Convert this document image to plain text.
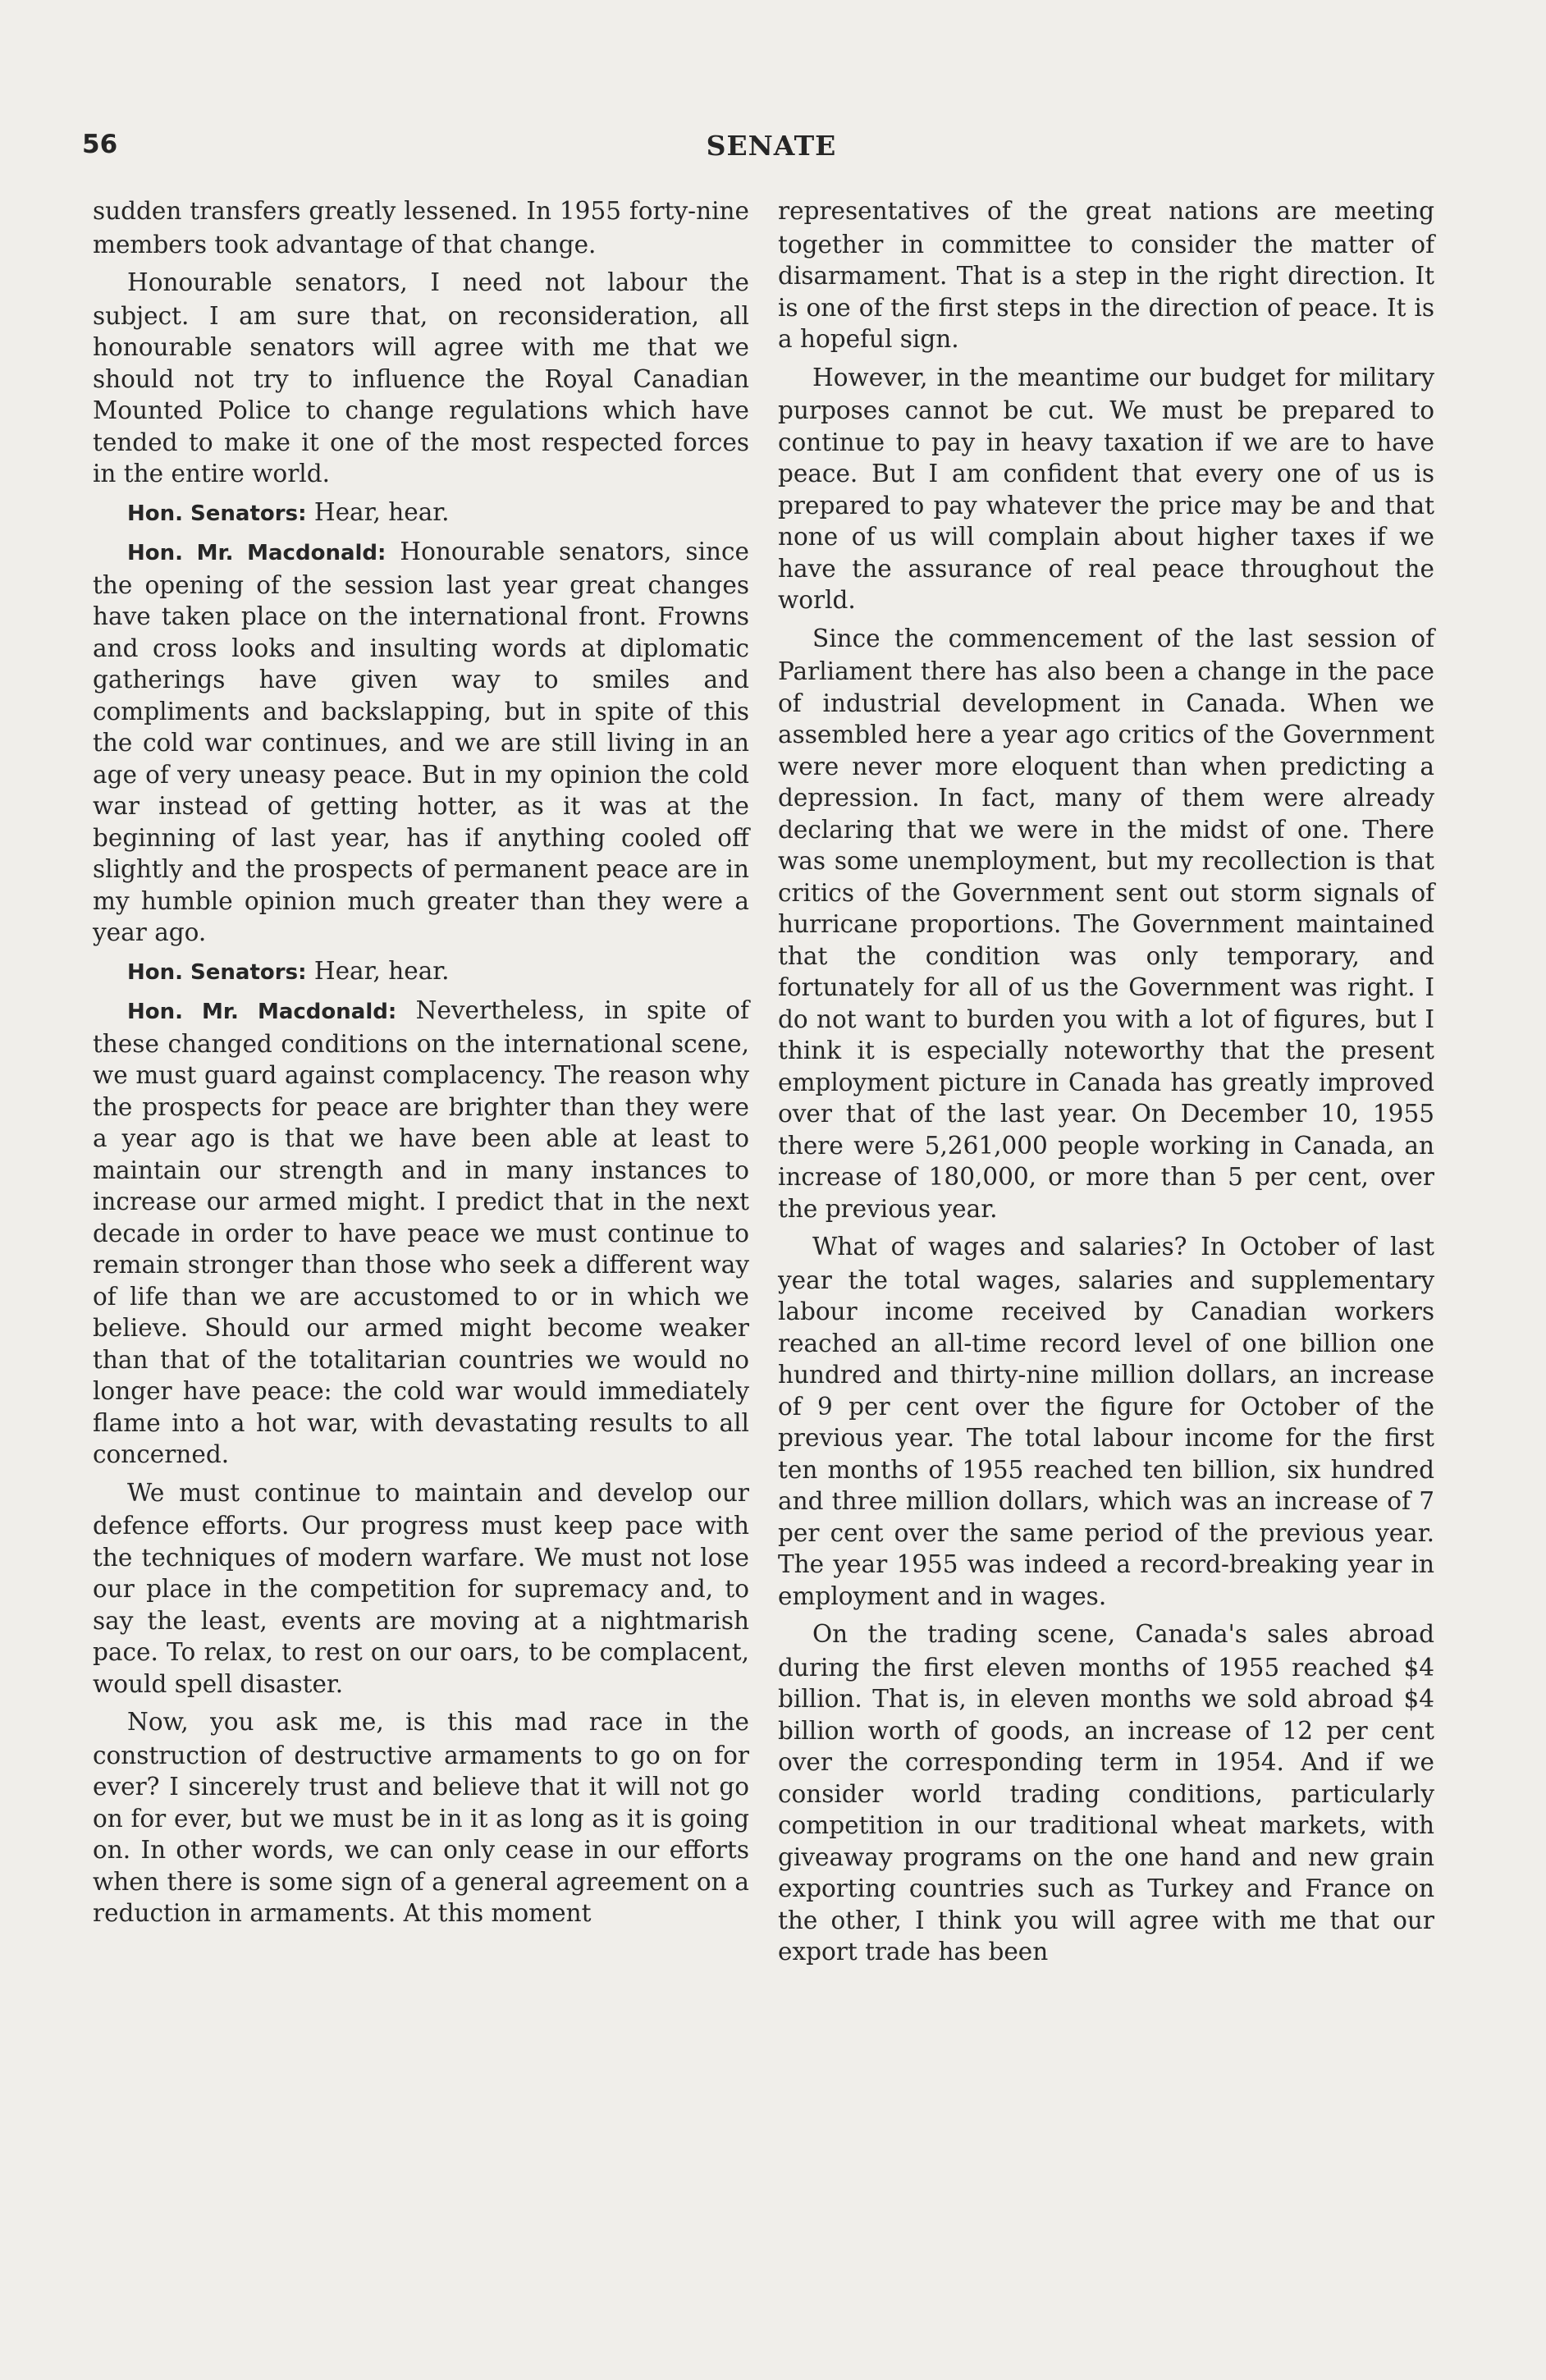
56	SENATE

sudden transfers greatly lessened. In 1955 forty-nine members took advantage of that change.

Honourable senators, I need not labour the subject. I am sure that, on reconsideration, all honourable senators will agree with me that we should not try to influence the Royal Canadian Mounted Police to change regulations which have tended to make it one of the most respected forces in the entire world.

Hon. Senators: Hear, hear.

Hon. Mr. Macdonald: Honourable senators, since the opening of the session last year great changes have taken place on the international front. Frowns and cross looks and insulting words at diplomatic gatherings have given way to smiles and compliments and backslapping, but in spite of this the cold war continues, and we are still living in an age of very uneasy peace. But in my opinion the cold war instead of getting hotter, as it was at the beginning of last year, has if anything cooled off slightly and the prospects of permanent peace are in my humble opinion much greater than they were a year ago.

Hon. Senators: Hear, hear.

Hon. Mr. Macdonald: Nevertheless, in spite of these changed conditions on the international scene, we must guard against complacency. The reason why the prospects for peace are brighter than they were a year ago is that we have been able at least to maintain our strength and in many instances to increase our armed might. I predict that in the next decade in order to have peace we must continue to remain stronger than those who seek a different way of life than we are accustomed to or in which we believe. Should our armed might become weaker than that of the totalitarian countries we would no longer have peace: the cold war would immediately flame into a hot war, with devastating results to all concerned.

We must continue to maintain and develop our defence efforts. Our progress must keep pace with the techniques of modern warfare. We must not lose our place in the competition for supremacy and, to say the least, events are moving at a nightmarish pace. To relax, to rest on our oars, to be complacent, would spell disaster.

Now, you ask me, is this mad race in the construction of destructive armaments to go on for ever? I sincerely trust and believe that it will not go on for ever, but we must be in it as long as it is going on. In other words, we can only cease in our efforts when there is some sign of a general agreement on a reduction in armaments. At this moment

representatives of the great nations are meeting together in committee to consider the matter of disarmament. That is a step in the right direction. It is one of the first steps in the direction of peace. It is a hopeful sign.

However, in the meantime our budget for military purposes cannot be cut. We must be prepared to continue to pay in heavy taxation if we are to have peace. But I am confident that every one of us is prepared to pay whatever the price may be and that none of us will complain about higher taxes if we have the assurance of real peace throughout the world.

Since the commencement of the last session of Parliament there has also been a change in the pace of industrial development in Canada. When we assembled here a year ago critics of the Government were never more eloquent than when predicting a depression. In fact, many of them were already declaring that we were in the midst of one. There was some unemployment, but my recollection is that critics of the Government sent out storm signals of hurricane proportions. The Government maintained that the condition was only temporary, and fortunately for all of us the Government was right. I do not want to burden you with a lot of figures, but I think it is especially noteworthy that the present employment picture in Canada has greatly improved over that of the last year. On December 10, 1955 there were 5,261,000 people working in Canada, an increase of 180,000, or more than 5 per cent, over the previous year.

What of wages and salaries? In October of last year the total wages, salaries and supplementary labour income received by Canadian workers reached an all-time record level of one billion one hundred and thirty-nine million dollars, an increase of 9 per cent over the figure for October of the previous year. The total labour income for the first ten months of 1955 reached ten billion, six hundred and three million dollars, which was an increase of 7 per cent over the same period of the previous year. The year 1955 was indeed a record-breaking year in employment and in wages.

On the trading scene, Canada's sales abroad during the first eleven months of 1955 reached $4 billion. That is, in eleven months we sold abroad $4 billion worth of goods, an increase of 12 per cent over the corresponding term in 1954. And if we consider world trading conditions, particularly competition in our traditional wheat markets, with giveaway programs on the one hand and new grain exporting countries such as Turkey and France on the other, I think you will agree with me that our export trade has been
